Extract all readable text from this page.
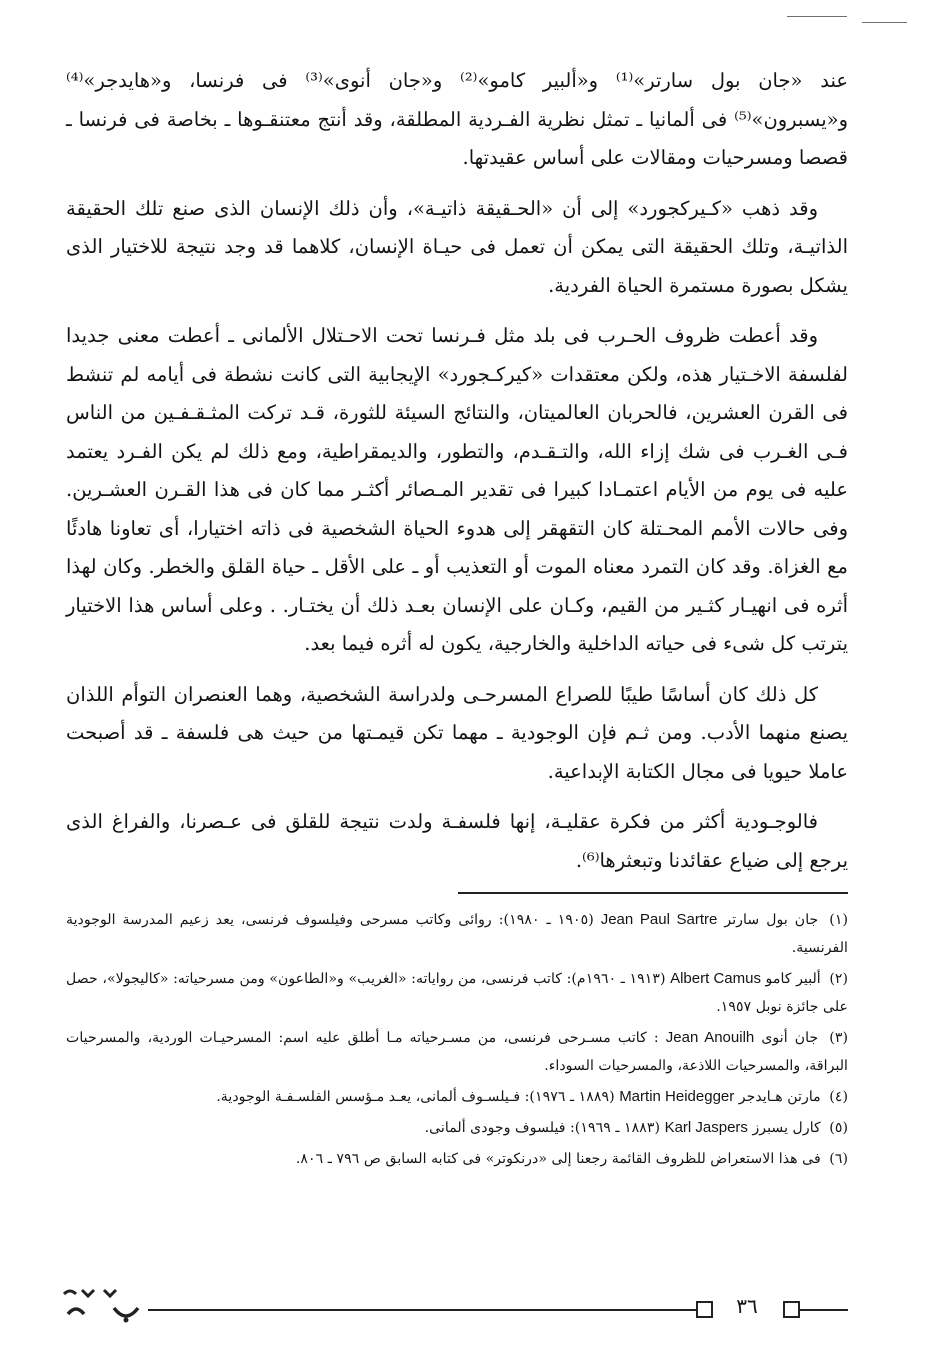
عند «جان بول سارتر»⁽¹⁾ و«ألبير كامو»⁽²⁾ و«جان أنوى»⁽³⁾ فى فرنسا، و«هايدجر»⁽⁴⁾ و«يسبرون»⁽⁵⁾ فى ألمانيا ـ تمثل نظرية الفـردية المطلقة، وقد أنتج معتنقـوها ـ بخاصة فى فرنسا ـ قصصا ومسرحيات ومقالات على أساس عقيدتها.

وقد ذهب «كـيركجورد» إلى أن «الحـقيقة ذاتيـة»، وأن ذلك الإنسان الذى صنع تلك الحقيقة الذاتيـة، وتلك الحقيقة التى يمكن أن تعمل فى حيـاة الإنسان، كلاهما قد وجد نتيجة للاختيار الذى يشكل بصورة مستمرة الحياة الفردية.

وقد أعطت ظروف الحـرب فى بلد مثل فـرنسا تحت الاحـتلال الألمانى ـ أعطت معنى جديدا لفلسفة الاخـتيار هذه، ولكن معتقدات «كيركـجورد» الإيجابية التى كانت نشطة فى أيامه لم تنشط فى القرن العشرين، فالحربان العالميتان، والنتائج السيئة للثورة، قـد تركت المثـقـفـين من الناس فـى الغـرب فى شك إزاء الله، والتـقـدم، والتطور، والديمقراطية، ومع ذلك لم يكن الفـرد يعتمد عليه فى يوم من الأيام اعتمـادا كبيرا فى تقدير المـصائر أكثـر مما كان فى هذا القـرن العشـرين. وفى حالات الأمم المحـتلة كان التقهقر إلى هدوء الحياة الشخصية فى ذاته اختيارا، أى تعاونا هادئًا مع الغزاة. وقد كان التمرد معناه الموت أو التعذيب أو ـ على الأقل ـ حياة القلق والخطر. وكان لهذا أثره فى انهيـار كثـير من القيم، وكـان على الإنسان بعـد ذلك أن يختـار. . وعلى أساس هذا الاختيار يترتب كل شىء فى حياته الداخلية والخارجية، يكون له أثره فيما بعد.

كل ذلك كان أساسًا طيبًا للصراع المسرحـى ولدراسة الشخصية، وهما العنصران التوأم اللذان يصنع منهما الأدب. ومن ثـم فإن الوجودية ـ مهما تكن قيمـتها من حيث هى فلسفة ـ قد أصبحت عاملا حيويا فى مجال الكتابة الإبداعية.

فالوجـودية أكثر من فكرة عقليـة، إنها فلسفـة ولدت نتيجة للقلق فى عـصرنا، والفراغ الذى يرجع إلى ضياع عقائدنا وتبعثرها⁽⁶⁾.

(١) جان بول سارتر Jean Paul Sartre (١٩٠٥ ـ ١٩٨٠): روائى وكاتب مسرحى وفيلسوف فرنسى، يعد زعيم المدرسة الوجودية الفرنسية.

(٢) ألبير كامو Albert Camus (١٩١٣ ـ ١٩٦٠م): كاتب فرنسى، من رواياته: «الغريب» و«الطاعون» ومن مسرحياته: «كاليجولا»، حصل على جائزة نوبل ١٩٥٧.

(٣) جان أنوى Jean Anouilh : كاتب مسـرحى فرنسى، من مسـرحياته مـا أطلق عليه اسم: المسرحيـات الوردية، والمسرحيات البراقة، والمسرحيات اللاذعة، والمسرحيات السوداء.

(٤) مارتن هـايدجر Martin Heidegger (١٨٨٩ ـ ١٩٧٦): فـيلسـوف ألمانى، يعـد مـؤسس الفلسـفـة الوجودية.

(٥) كارل يسبرز Karl Jaspers (١٨٨٣ ـ ١٩٦٩): فيلسوف وجودى ألمانى.

(٦) فى هذا الاستعراض للظروف القائمة رجعنا إلى «درنكوتر» فى كتابه السابق ص ٧٩٦ ـ ٨٠٦.

٣٦
